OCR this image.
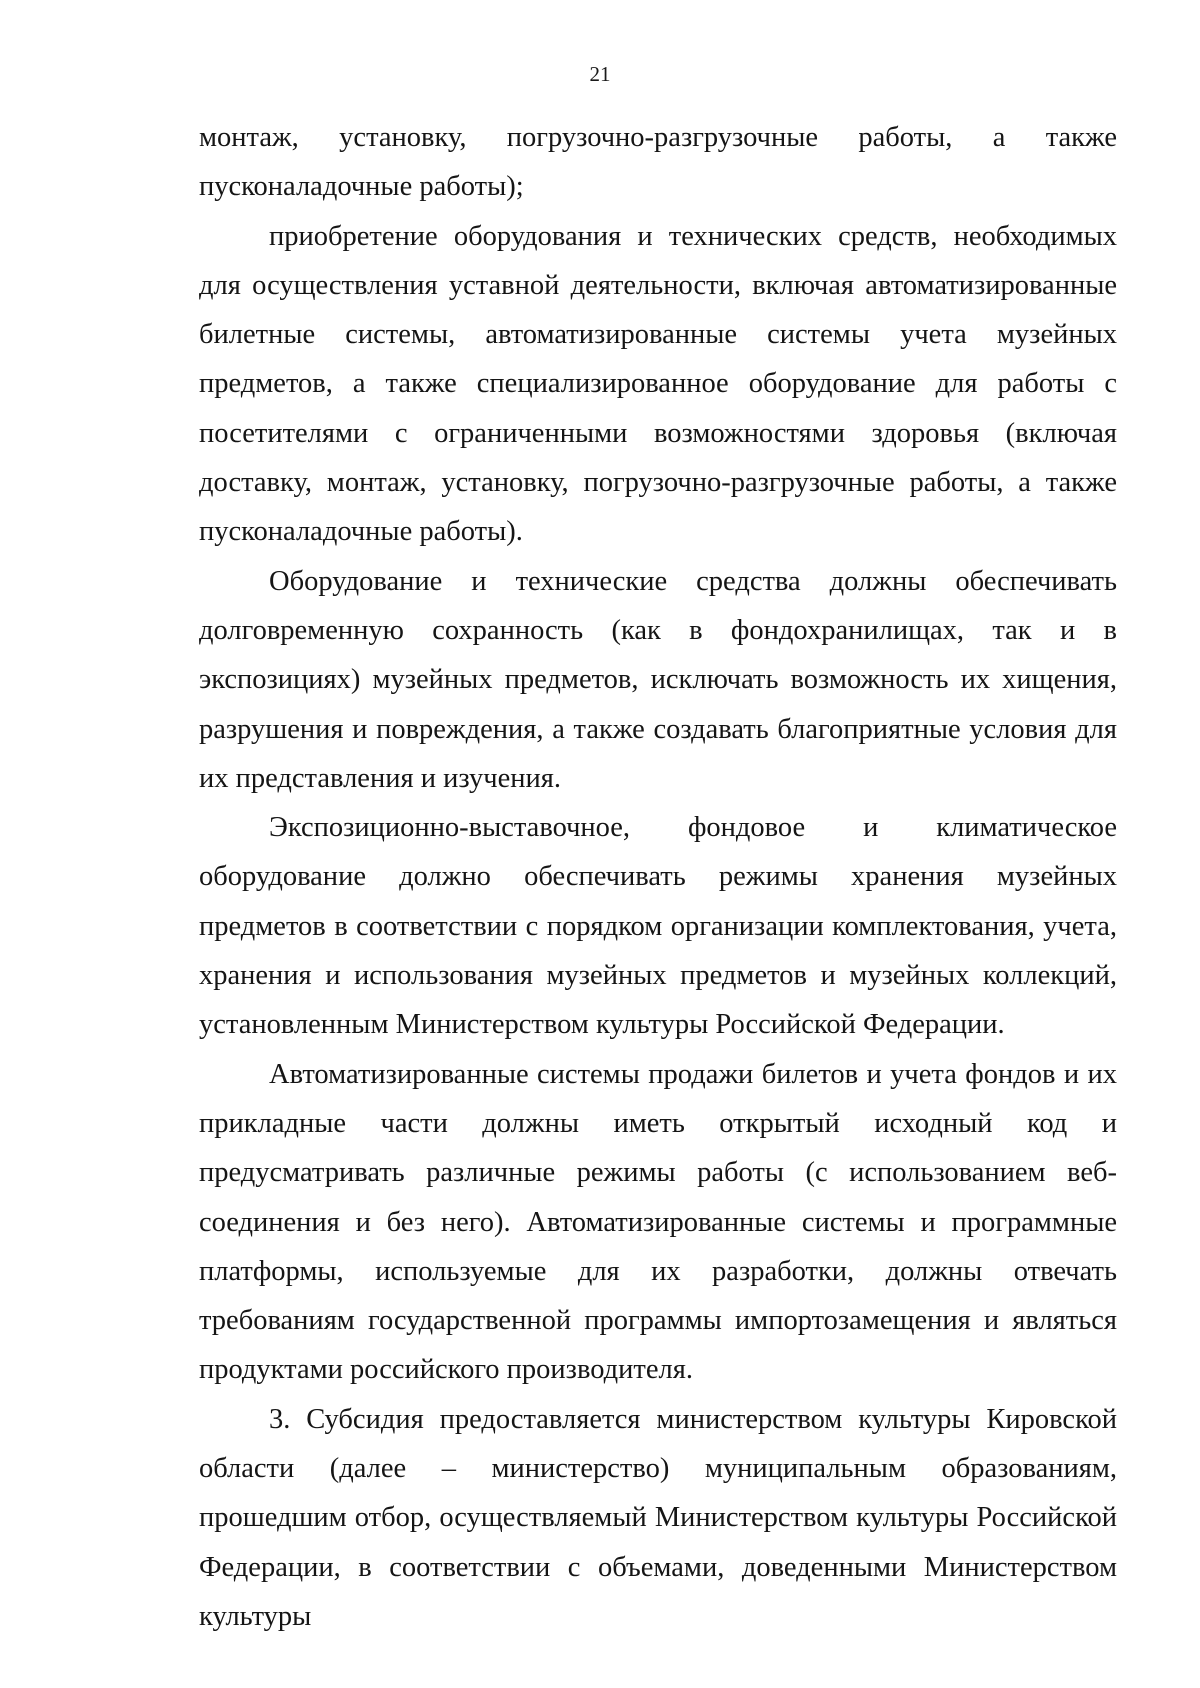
21

монтаж, установку, погрузочно-разгрузочные работы, а также пусконаладочные работы);

приобретение оборудования и технических средств, необходимых для осуществления уставной деятельности, включая автоматизированные билетные системы, автоматизированные системы учета музейных предметов, а также специализированное оборудование для работы с посетителями с ограниченными возможностями здоровья (включая доставку, монтаж, установку, погрузочно-разгрузочные работы, а также пусконаладочные работы).

Оборудование и технические средства должны обеспечивать долговременную сохранность (как в фондохранилищах, так и в экспозициях) музейных предметов, исключать возможность их хищения, разрушения и повреждения, а также создавать благоприятные условия для их представления и изучения.

Экспозиционно-выставочное, фондовое и климатическое оборудование должно обеспечивать режимы хранения музейных предметов в соответствии с порядком организации комплектования, учета, хранения и использования музейных предметов и музейных коллекций, установленным Министерством культуры Российской Федерации.

Автоматизированные системы продажи билетов и учета фондов и их прикладные части должны иметь открытый исходный код и предусматривать различные режимы работы (с использованием веб-соединения и без него). Автоматизированные системы и программные платформы, используемые для их разработки, должны отвечать требованиям государственной программы импортозамещения и являться продуктами российского производителя.

3. Субсидия предоставляется министерством культуры Кировской области (далее – министерство) муниципальным образованиям, прошедшим отбор, осуществляемый Министерством культуры Российской Федерации, в соответствии с объемами, доведенными Министерством культуры
